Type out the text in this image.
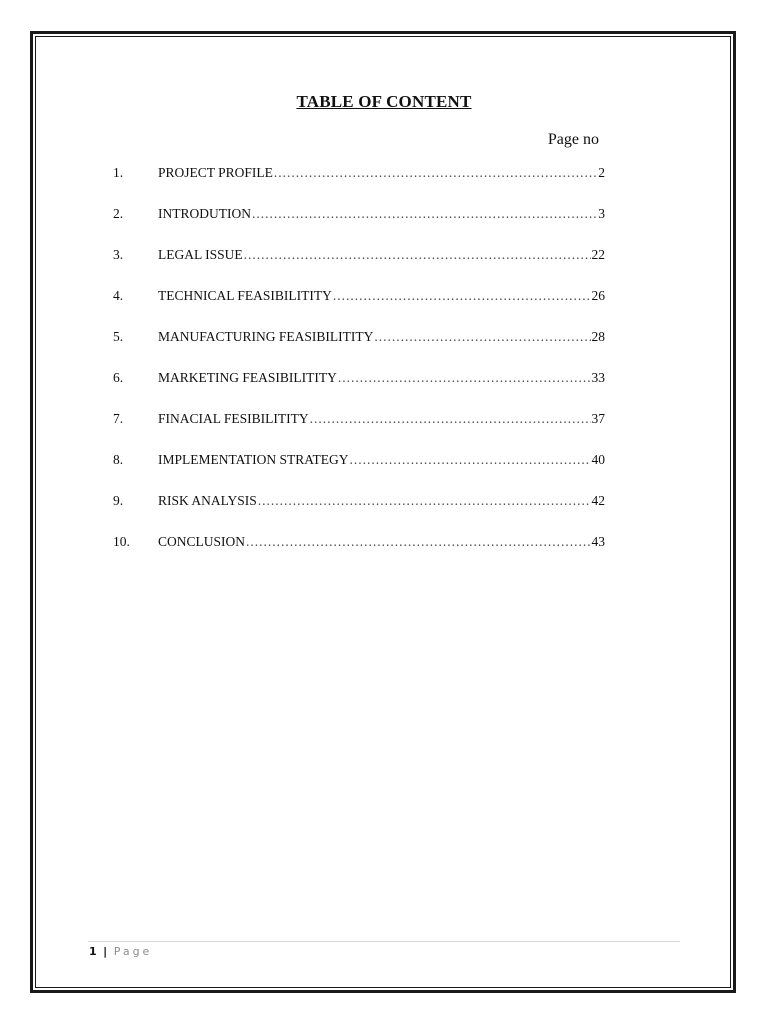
TABLE OF CONTENT
Page no
1.	PROJECT PROFILE .....	2
2.	INTRODUTION .....	3
3.	LEGAL ISSUE .....	22
4.	TECHNICAL FEASIBILITITY .....	26
5.	MANUFACTURING FEASIBILITITY .....	28
6.	MARKETING FEASIBILITITY .....	33
7.	FINACIAL FESIBILITITY .....	37
8.	IMPLEMENTATION STRATEGY .....	40
9.	RISK ANALYSIS .....	42
10.	CONCLUSION .....	43
1 | Page
